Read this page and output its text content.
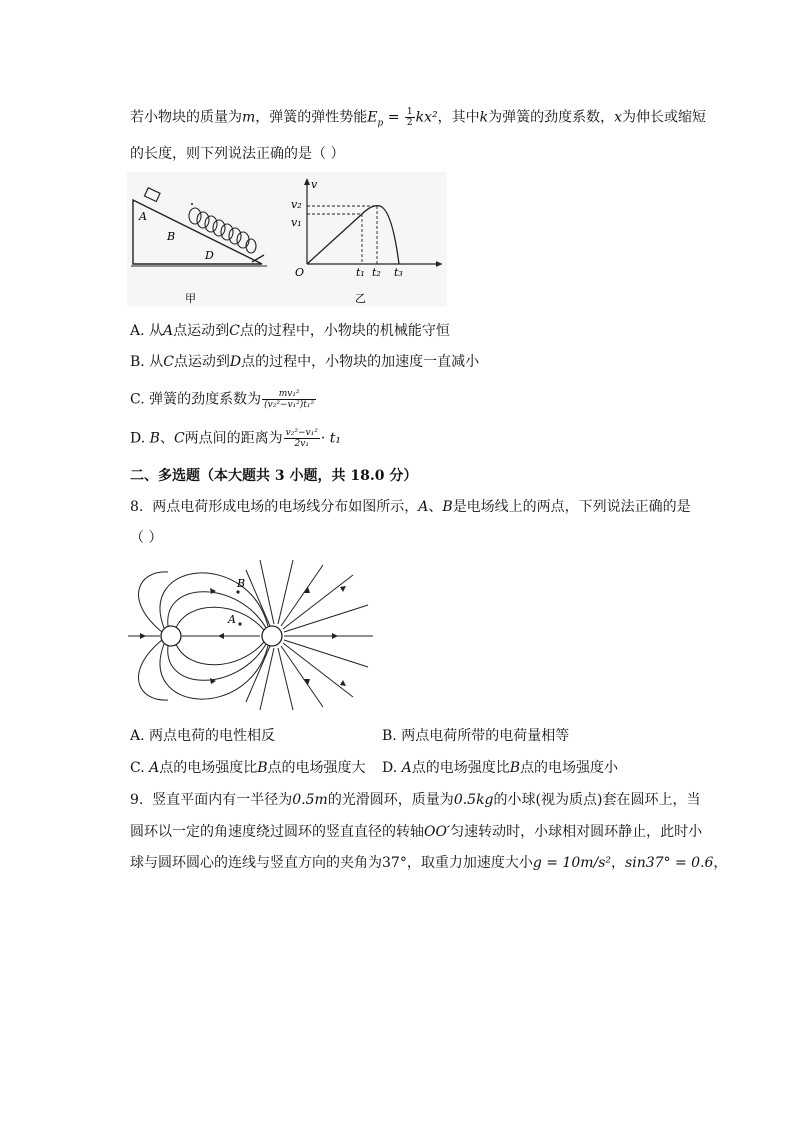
若小物块的质量为m，弹簧的弹性势能$E_p = \frac{1}{2} kx^2$，其中k为弹簧的劲度系数，x为伸长或缩短
的长度，则下列说法正确的是（ ）
A
B
D
甲
v
v₂
v₁
O	t₁ t₂ t₃
乙
A. 从A点运动到C点的过程中，小物块的机械能守恒
B. 从C点运动到D点的过程中，小物块的加速度一直减小
C. 弹簧的劲度系数为 $\frac{\text{mv₁²}}{\text{(v₂²−v₁²)t₁²}}$
D. B、C两点间的距离为 $\frac{\text{v₂²−v₁²}}{\text{2v₁}} \cdot t_1$
二、多选题（本大题共 3 小题，共 18.0 分）
8. 两点电荷形成电场的电场线分布如图所示，A、B是电场线上的两点，下列说法正确的是
（ ）
A
B
A. 两点电荷的电性相反	B. 两点电荷所带的电荷量相等
C. A点的电场强度比B点的电场强度大 D. A点的电场强度比B点的电场强度小
9. 竖直平面内有一半径为0.5m的光滑圆环，质量为0.5kg的小球(视为质点)套在圆环上，当
圆环以一定的角速度绕过圆环的竖直直径的转轴OO′匀速转动时，小球相对圆环静止，此时小
球与圆环圆心的连线与竖直方向的夹角为37°，取重力加速度大小g = 10m/s²，sin37° = 0.6，
